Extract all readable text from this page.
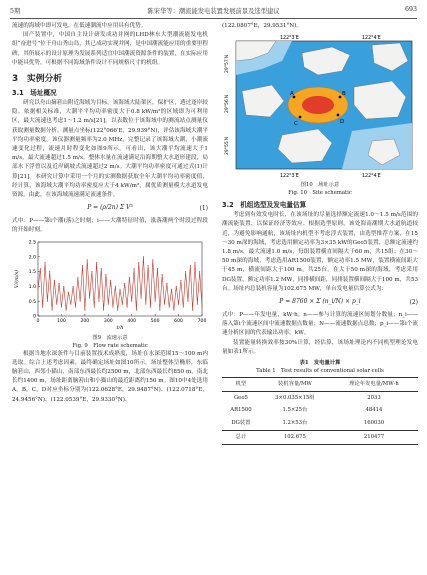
5期	陈宋华等：潮流能发电装置发展前景及选型建议	693

流速的海域中即可发电，在低速潮流中应用具有优势。

国产装置中，中国自主设计研发成功并网的LHD林东大型潮流能发电机组“奋进号”位于舟山秀山岛，其已成功实现并网，是中国潮流能应用的重要里程碑，其所展示的设计原理为发展系列适宜中国潮流资源条件的装置，在实际应用中能具优势，可根据不同海域条件设计不同规格尺寸的机组。

3　实例分析
3.1　场址概况

研究以舟山摘箬山附近海域为目标，该海域大陆架区，保护区，透过逢岸较隐。依据相关标准，大潮平平均功率密度大于0.8 kW/m²的区域即为可利用区，最大流速也考虑1～1.2 m/s[21]。以表数位于该海域中的测流站点测量仪获取测量数据分析，测量点坐标(122°066′E，29.939°N)，评估该海域大潮平平均功率密度。该仪器测量频率为2.0 MHz，完整记录了该海域大潮，小潮流速变化过程，流速月时程变化如图9所示。可看出，该大潮平均流速大于1 m/s，最大流速超过1.5 m/s。整体水量在流速满足沿海期整大水道形建段，局部水下浮曾以及近岸刷坡式流速超过2 m/s。大潮平均功率密度可通过式(1)计算[21]。本研究计算中采用一个月的实测数据获取全年大潮平均功率密度值，经计算，该海域大潮平均功率密度应大于4 kW/m²，属优质测量模大水道发电资源。由此，在该海域流速满足流速条件。

P = (ρ/2n) Σ V³	(1)

式中：P——第i个潮(落)之时刻；i——大潮特征时值，涨落潮两个时段过程段的开始时刻。

0
0.5
1.0
1.5
2.0
2.5
0	100	200	300	400	500	600	700
t/h
V/(m/s)
图9　流速示意
Fig. 9　Flow rate schematic

根据当地水深条件与目前装置技术成熟度，场址在水深范围15～100 m内选取。综合上述考虑因素，最终确定场址如图10所示。场址整体呈椭形，东临脑箬山，西邻小猫山，南部东西最长约2500 m，北部东西最长约850 m，南北长约1400 m，场址距离脑箬山和小猫山的最近距离约150 m。图10中4处选用A，B，C，D对应坐标分别为(122.0628°E，29.9487°N)、(122.0718°E，24.9456°N)、(122.0539°E，29.9330°N)、

(122.0807°E，29.9531°N)。

A	B
C	D
122°3′E	122°4′E
29°57′N
29°56′N
29°55′N
122°3′E	122°4′E
图10　场址示意
Fig. 10　Site schematic
3.2　机组选型及发电量估算

考虑到有效发电时长，在该场址的尽量选择额定流速1.0～1.5 m/s范围的潮流能装置，以保证经济等效应。根据选型原则，该处海南潮期大水道航道较近，为避免影响通航，该场址内机型不考虑浮式装置，由选型推荐方案，在15～30 m深的海域，考虑选用额定功率为3×35 kW的Geo5装置，总额定流速约1.8 m/s，最大流速1.0 m/s，每组装置横直间隔大于60 m，共15组；在30～50 m深的海域，考虑选用AR1500装置，额定功率1.5 MW，装置横流间距大于45 m，横流间距大于100 m，共25台，在大于50 m深的海域，考虑采用DG装置，额定功率1.2 MW，同排横间距，同排装置横间隔大于100 m，共53台。场址内总装机容量为102.675 MW，单台发电量估算公式为：

P = 8760 × Σ (n_i/N) × p_i	(2)

式中：P——年发电量，kW·h；n——参与计算的流速区间划分数量；n_i——落入第i个流速区间中流速数据点数量；N——流速数据点总数；p_i——第i个流速分析区间的代表输出功率，kW。

装置能量转换效率按30%计算，经估算，该场址理论内不同机型理论发电量如表1所示。

表1　发电量计算
Table 1　Test results of conventional solar cells
机型	装机容量/MW	理论年发电量/MW·h
Geo5	3×0.035×15组	2033
AR1500	1.5×25台	48414
DG装置	1.2×53台	160030
总计	102.675	210477
